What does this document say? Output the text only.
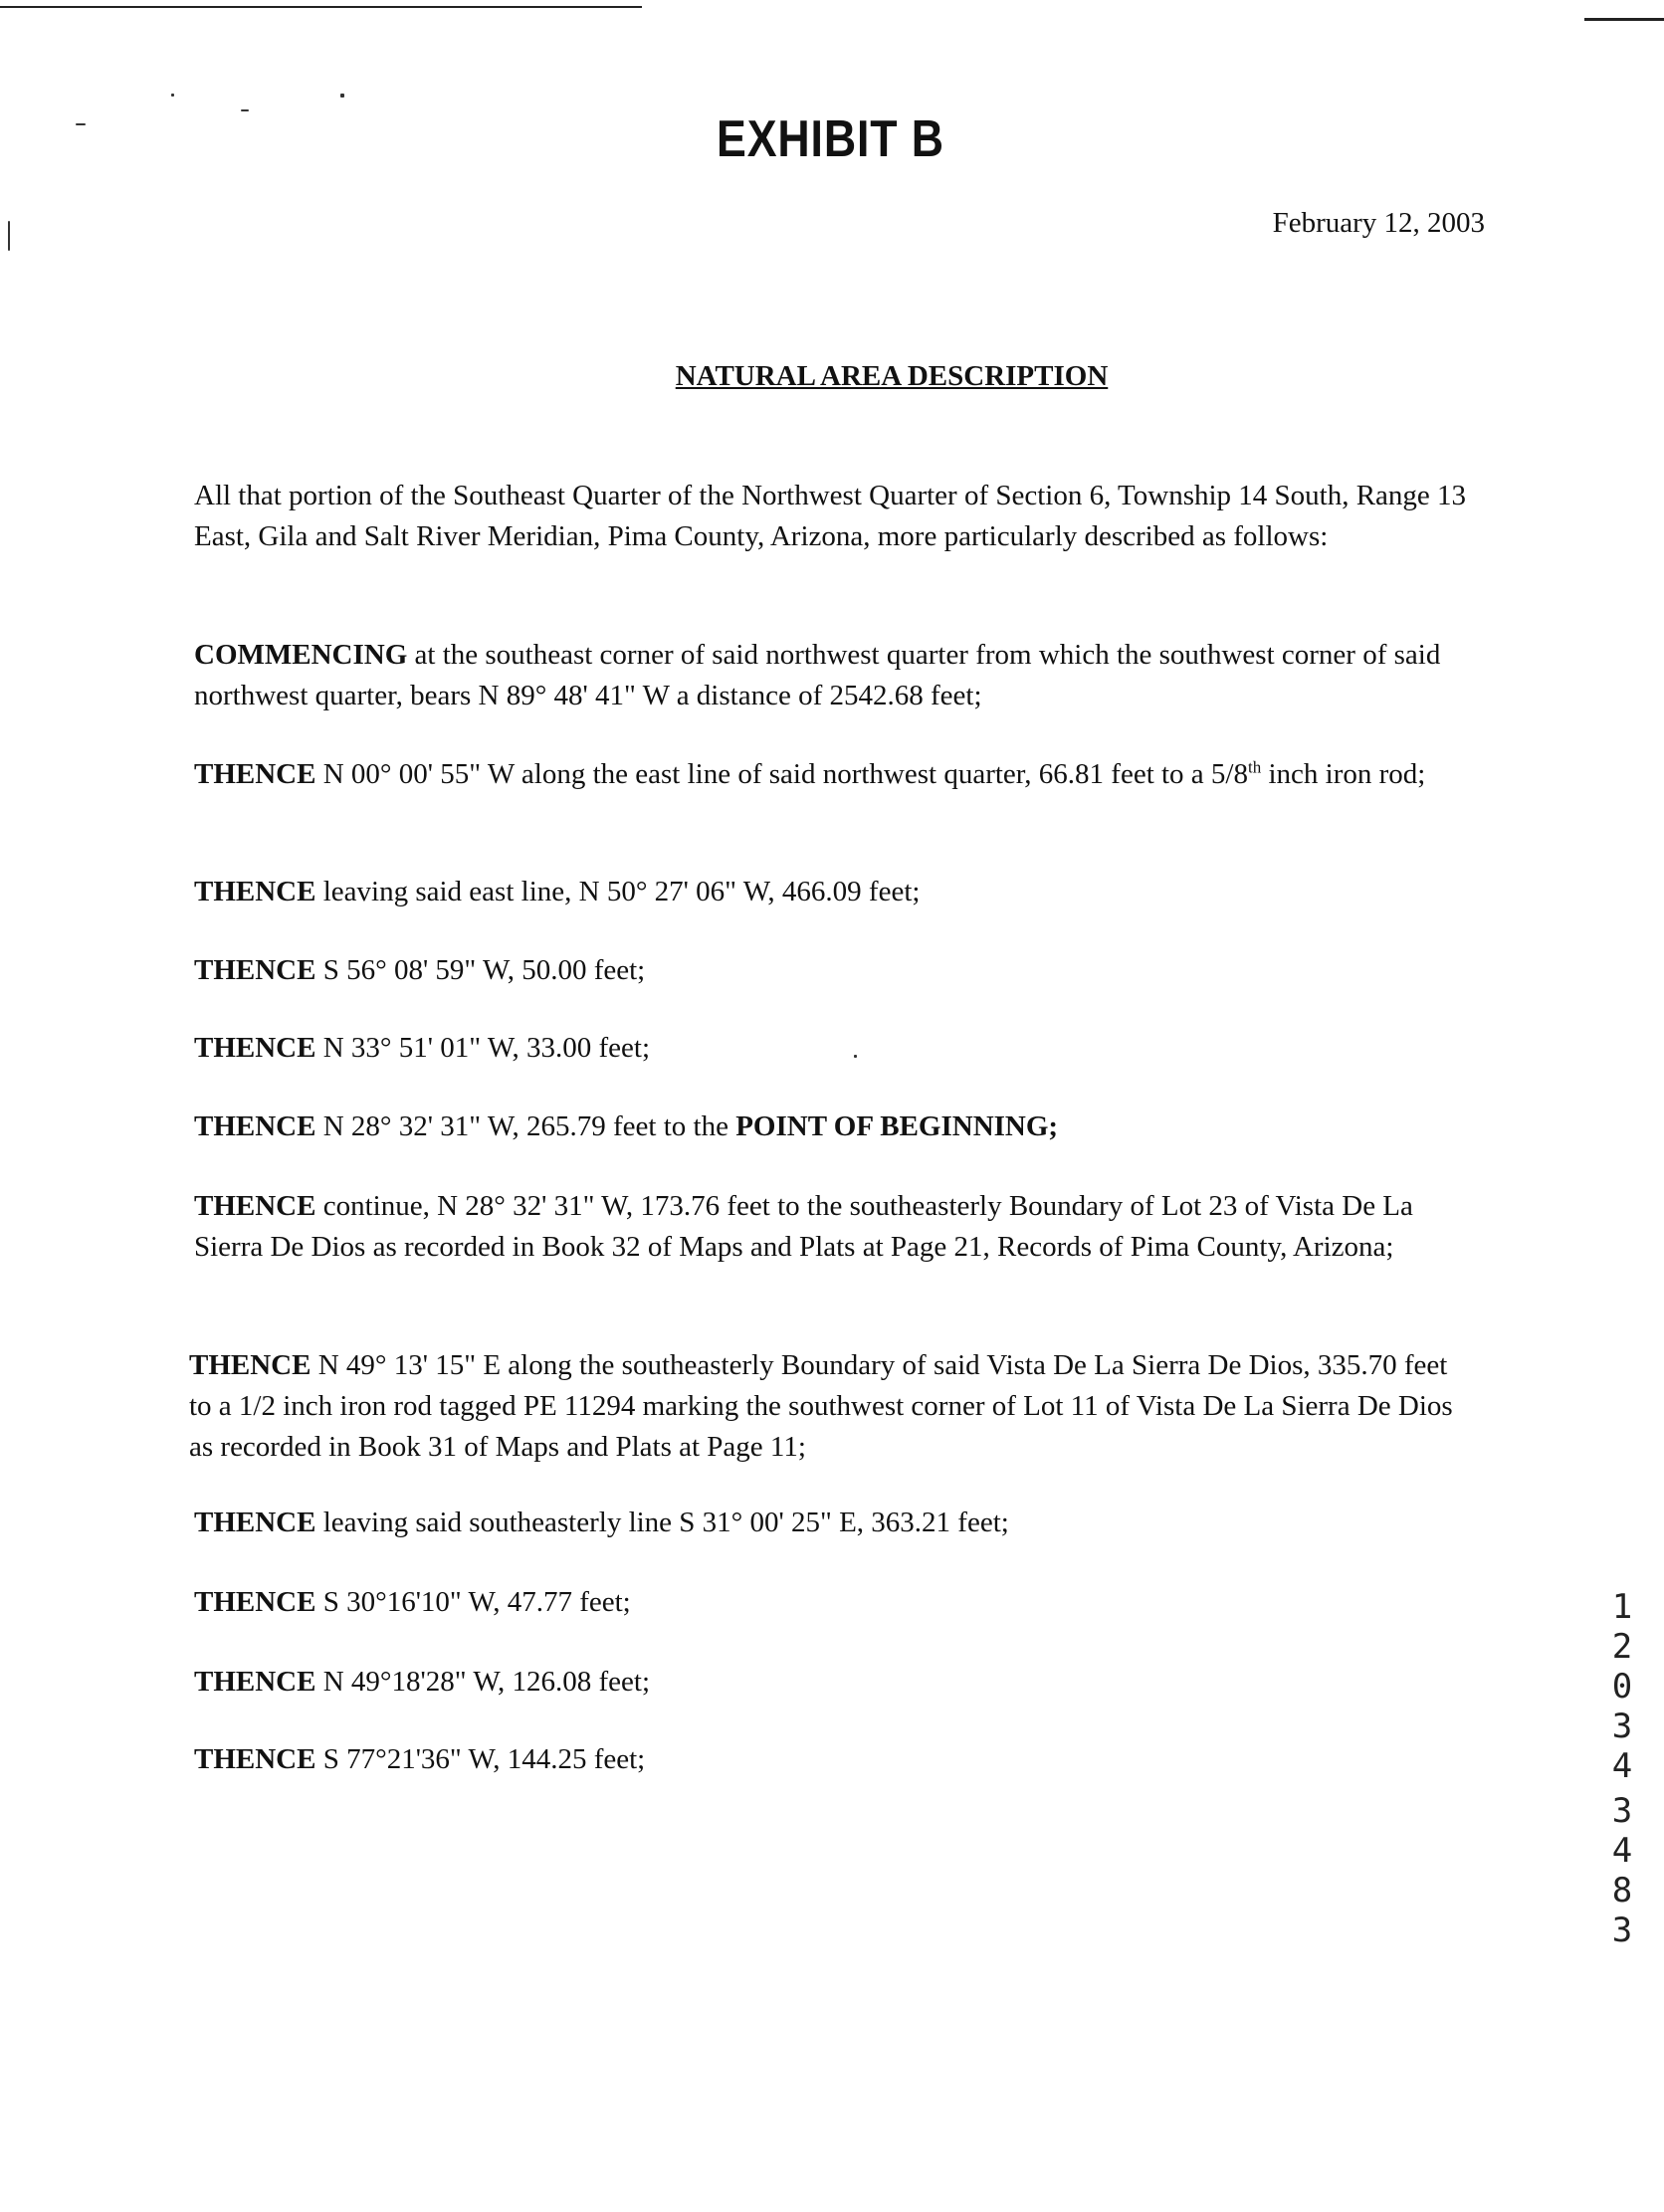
EXHIBIT B
February 12, 2003
NATURAL AREA DESCRIPTION
All that portion of the Southeast Quarter of the Northwest Quarter of Section 6, Township 14 South, Range 13 East, Gila and Salt River Meridian, Pima County, Arizona, more particularly described as follows:
COMMENCING at the southeast corner of said northwest quarter from which the southwest corner of said northwest quarter, bears N 89° 48' 41" W a distance of 2542.68 feet;
THENCE N 00° 00' 55" W along the east line of said northwest quarter, 66.81 feet to a 5/8th inch iron rod;
THENCE leaving said east line, N 50° 27' 06" W, 466.09 feet;
THENCE S 56° 08' 59" W, 50.00 feet;
THENCE N 33° 51' 01" W, 33.00 feet;
THENCE N 28° 32' 31" W, 265.79 feet to the POINT OF BEGINNING;
THENCE continue, N 28° 32' 31" W, 173.76 feet to the southeasterly Boundary of Lot 23 of Vista De La Sierra De Dios as recorded in Book 32 of Maps and Plats at Page 21, Records of Pima County, Arizona;
THENCE N 49° 13' 15" E along the southeasterly Boundary of said Vista De La Sierra De Dios, 335.70 feet to a 1/2 inch iron rod tagged PE 11294 marking the southwest corner of Lot 11 of Vista De La Sierra De Dios as recorded in Book 31 of Maps and Plats at Page 11;
THENCE leaving said southeasterly line S 31° 00' 25" E, 363.21 feet;
THENCE S 30°16'10" W, 47.77 feet;
THENCE N 49°18'28" W, 126.08 feet;
THENCE S 77°21'36" W, 144.25 feet;
1
2
0
3
4
3
4
8
3
